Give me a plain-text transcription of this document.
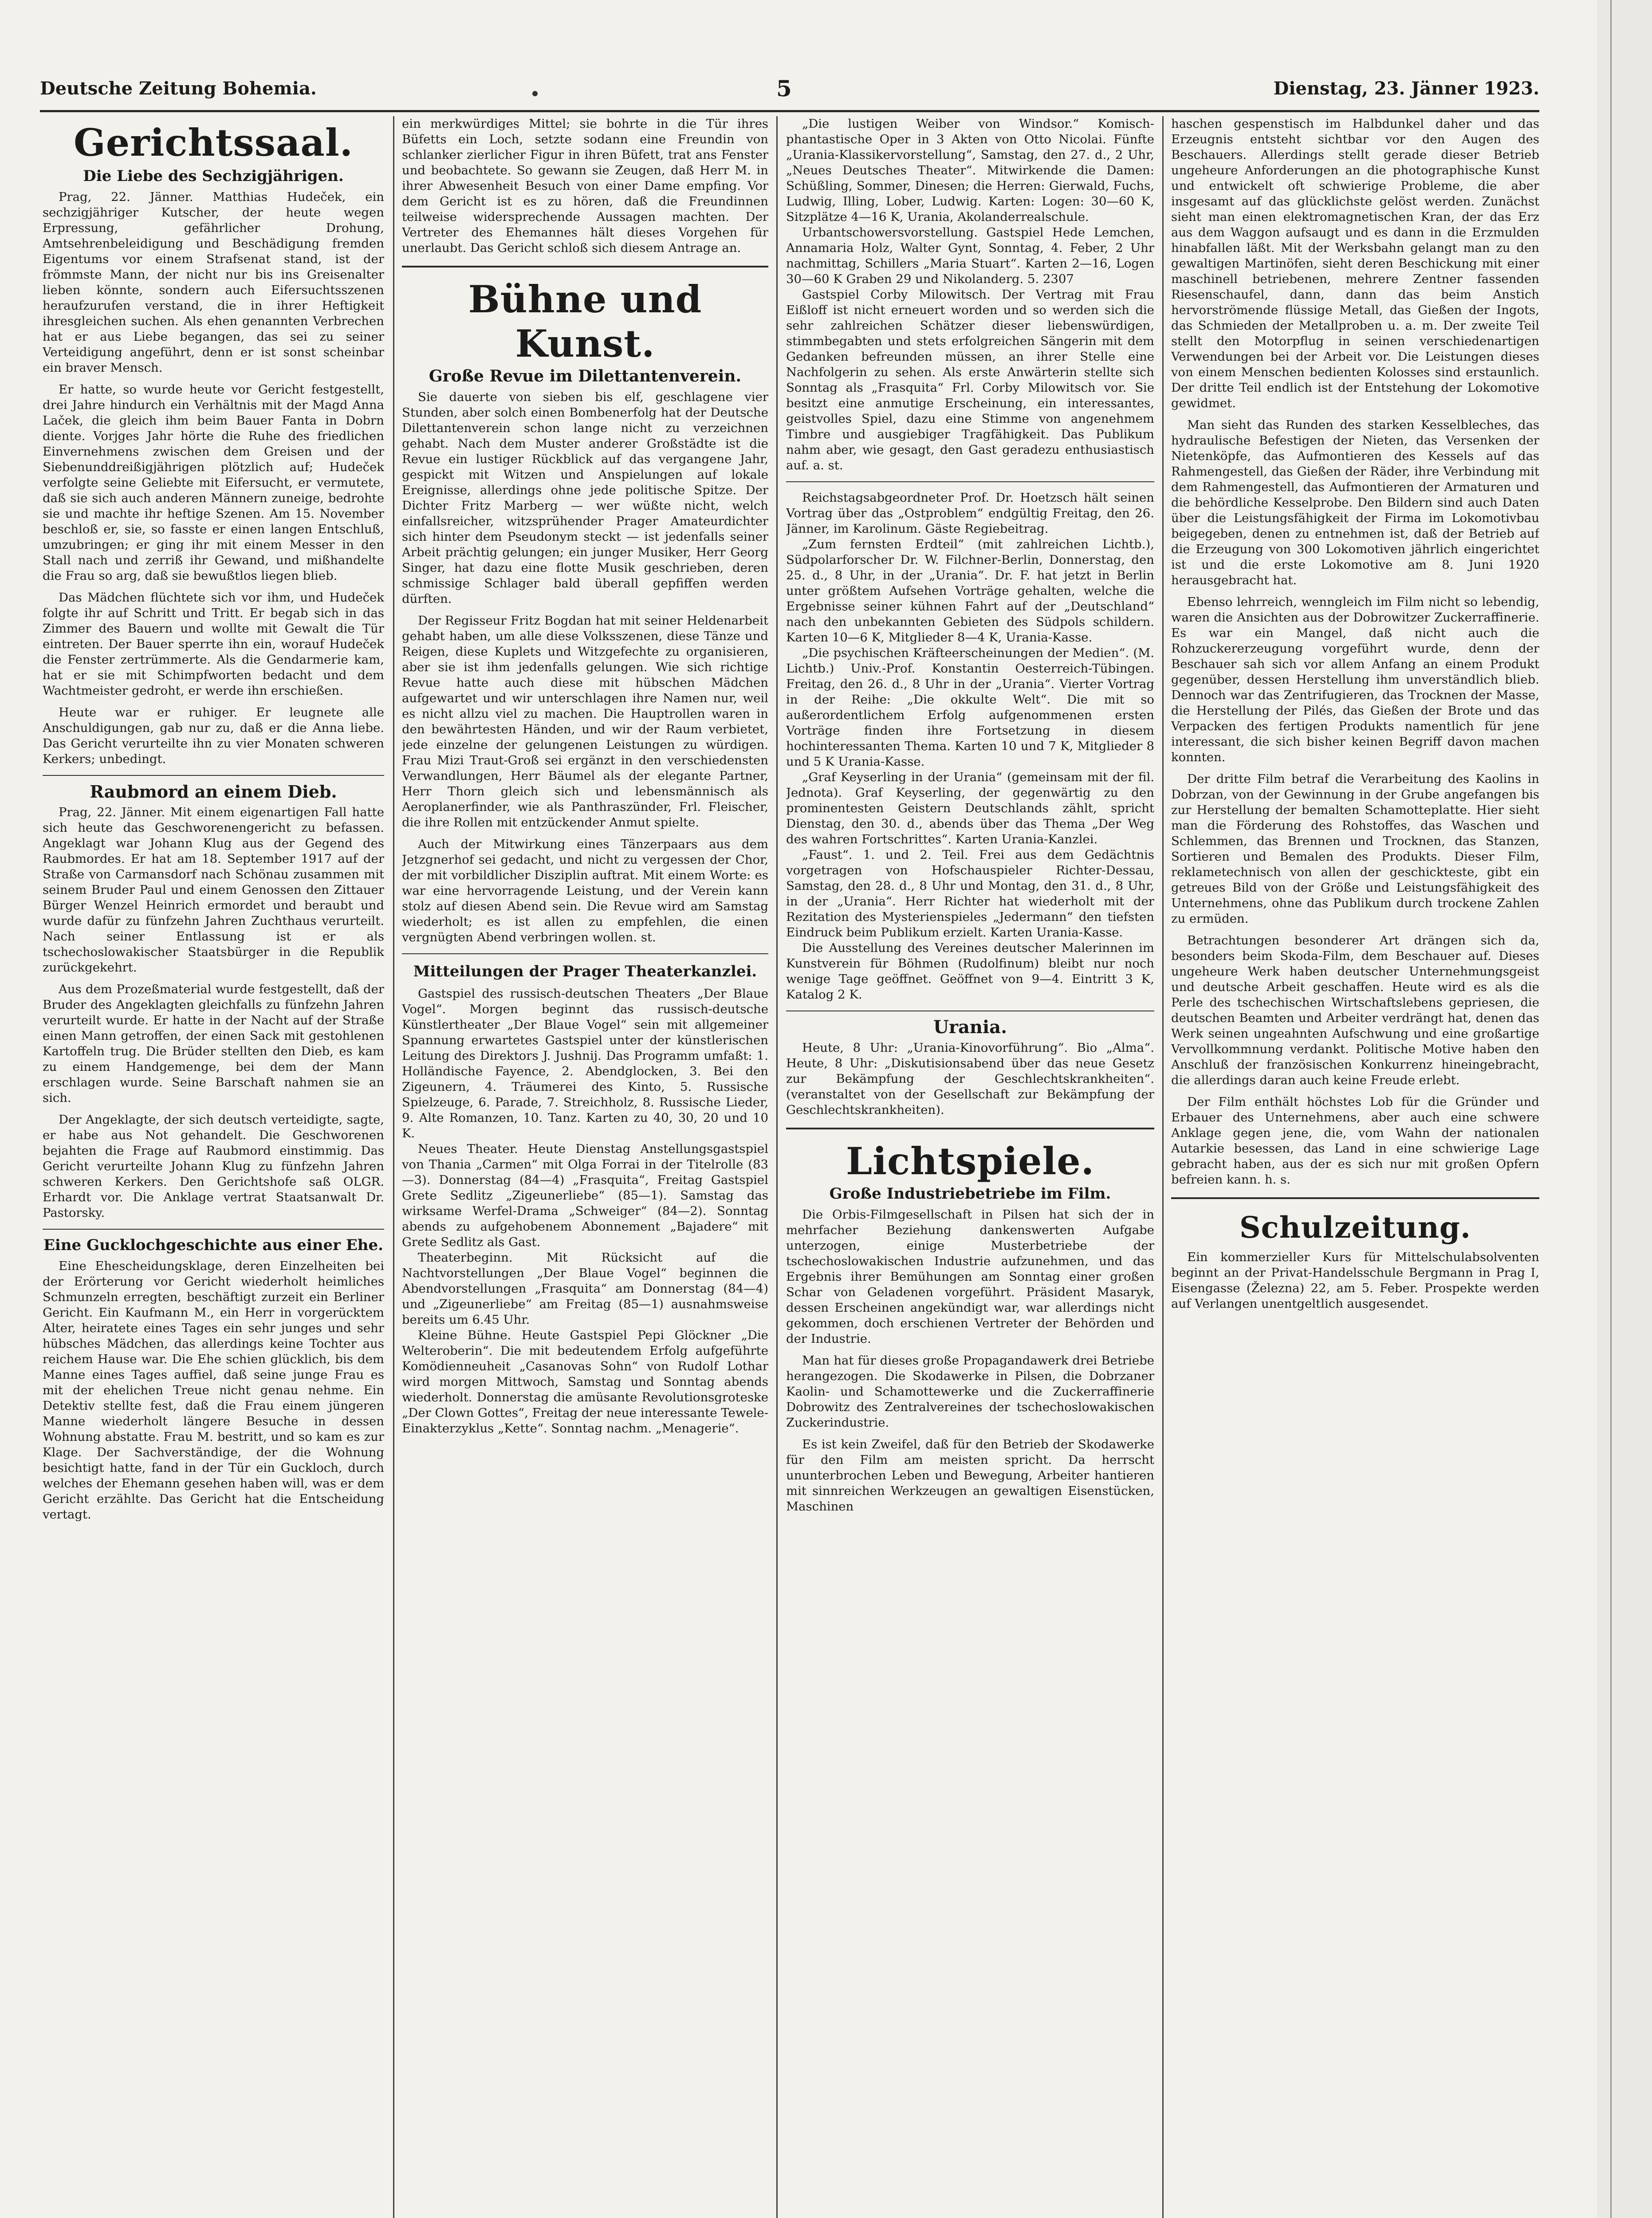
Deutsche Zeitung Bohemia.	5	Dienstag, 23. Jänner 1923.
Gerichtssaal.
Die Liebe des Sechzigjährigen.

Prag, 22. Jänner. Matthias Hudeček, ein sechzigjähriger Kutscher, der heute wegen Erpressung, gefährlicher Drohung, Amtsehrenbeleidigung und Beschädigung fremden Eigentums vor einem Strafsenat stand, ist der frömmste Mann, der nicht nur bis ins Greisenalter lieben könnte, sondern auch Eifersuchtsszenen heraufzurufen verstand, die in ihrer Heftigkeit ihresgleichen suchen. Als ehen genannten Verbrechen hat er aus Liebe begangen, das sei zu seiner Verteidigung angeführt, denn er ist sonst scheinbar ein braver Mensch.

Er hatte, so wurde heute vor Gericht festgestellt, drei Jahre hindurch ein Verhältnis mit der Magd Anna Laček, die gleich ihm beim Bauer Fanta in Dobrn diente. Vorjges Jahr hörte die Ruhe des friedlichen Einvernehmens zwischen dem Greisen und der Siebenunddreißigjährigen plötzlich auf; Hudeček verfolgte seine Geliebte mit Eifersucht, er vermutete, daß sie sich auch anderen Männern zuneige, bedrohte sie und machte ihr heftige Szenen. Am 15. November beschloß er, sie, so fasste er einen langen Entschluß, umzubringen; er ging ihr mit einem Messer in den Stall nach und zerriß ihr Gewand, und mißhandelte die Frau so arg, daß sie bewußtlos liegen blieb.

Das Mädchen flüchtete sich vor ihm, und Hudeček folgte ihr auf Schritt und Tritt. Er begab sich in das Zimmer des Bauern und wollte mit Gewalt die Tür eintreten. Der Bauer sperrte ihn ein, worauf Hudeček die Fenster zertrümmerte. Als die Gendarmerie kam, hat er sie mit Schimpfworten bedacht und dem Wachtmeister gedroht, er werde ihn erschießen.

Heute war er ruhiger. Er leugnete alle Anschuldigungen, gab nur zu, daß er die Anna liebe. Das Gericht verurteilte ihn zu vier Monaten schweren Kerkers; unbedingt.

Raubmord an einem Dieb.

Prag, 22. Jänner. Mit einem eigenartigen Fall hatte sich heute das Geschworenengericht zu befassen. Angeklagt war Johann Klug aus der Gegend des Raubmordes. Er hat am 18. September 1917 auf der Straße von Carmansdorf nach Schönau zusammen mit seinem Bruder Paul und einem Genossen den Zittauer Bürger Wenzel Heinrich ermordet und beraubt und wurde dafür zu fünfzehn Jahren Zuchthaus verurteilt. Nach seiner Entlassung ist er als tschechoslowakischer Staatsbürger in die Republik zurückgekehrt.

Aus dem Prozeßmaterial wurde festgestellt, daß der Bruder des Angeklagten gleichfalls zu fünfzehn Jahren verurteilt wurde. Er hatte in der Nacht auf der Straße einen Mann getroffen, der einen Sack mit gestohlenen Kartoffeln trug. Die Brüder stellten den Dieb, es kam zu einem Handgemenge, bei dem der Mann erschlagen wurde. Seine Barschaft nahmen sie an sich.

Der Angeklagte, der sich deutsch verteidigte, sagte, er habe aus Not gehandelt. Die Geschworenen bejahten die Frage auf Raubmord einstimmig. Das Gericht verurteilte Johann Klug zu fünfzehn Jahren schweren Kerkers. Den Gerichtshofe saß OLGR. Erhardt vor. Die Anklage vertrat Staatsanwalt Dr. Pastorsky.

Eine Gucklochgeschichte aus einer Ehe.

Eine Ehescheidungsklage, deren Einzelheiten bei der Erörterung vor Gericht wiederholt heimliches Schmunzeln erregten, beschäftigt zurzeit ein Berliner Gericht. Ein Kaufmann M., ein Herr in vorgerücktem Alter, heiratete eines Tages ein sehr junges und sehr hübsches Mädchen, das allerdings keine Tochter aus reichem Hause war. Die Ehe schien glücklich, bis dem Manne eines Tages auffiel, daß seine junge Frau es mit der ehelichen Treue nicht genau nehme. Ein Detektiv stellte fest, daß die Frau einem jüngeren Manne wiederholt längere Besuche in dessen Wohnung abstatte. Frau M. bestritt, und so kam es zur Klage. Der Sachverständige, der die Wohnung besichtigt hatte, fand in der Tür ein Guckloch, durch welches der Ehemann gesehen haben will, was er dem Gericht erzählte. Das Gericht hat die Entscheidung vertagt.

ein merkwürdiges Mittel; sie bohrte in die Tür ihres Büfetts ein Loch, setzte sodann eine Freundin von schlanker zierlicher Figur in ihren Büfett, trat ans Fenster und beobachtete. So gewann sie Zeugen, daß Herr M. in ihrer Abwesenheit Besuch von einer Dame empfing. Vor dem Gericht ist es zu hören, daß die Freundinnen teilweise widersprechende Aussagen machten. Der Vertreter des Ehemannes hält dieses Vorgehen für unerlaubt. Das Gericht schloß sich diesem Antrage an.

Bühne und Kunst.
Große Revue im Dilettantenverein.

Sie dauerte von sieben bis elf, geschlagene vier Stunden, aber solch einen Bombenerfolg hat der Deutsche Dilettantenverein schon lange nicht zu verzeichnen gehabt. Nach dem Muster anderer Großstädte ist die Revue ein lustiger Rückblick auf das vergangene Jahr, gespickt mit Witzen und Anspielungen auf lokale Ereignisse, allerdings ohne jede politische Spitze. Der Dichter Fritz Marberg — wer wüßte nicht, welch einfallsreicher, witzsprühender Prager Amateurdichter sich hinter dem Pseudonym steckt — ist jedenfalls seiner Arbeit prächtig gelungen; ein junger Musiker, Herr Georg Singer, hat dazu eine flotte Musik geschrieben, deren schmissige Schlager bald überall gepfiffen werden dürften.

Der Regisseur Fritz Bogdan hat mit seiner Heldenarbeit gehabt haben, um alle diese Volksszenen, diese Tänze und Reigen, diese Kuplets und Witzgefechte zu organisieren, aber sie ist ihm jedenfalls gelungen. Wie sich richtige Revue hatte auch diese mit hübschen Mädchen aufgewartet und wir unterschlagen ihre Namen nur, weil es nicht allzu viel zu machen. Die Hauptrollen waren in den bewährtesten Händen, und wir der Raum verbietet, jede einzelne der gelungenen Leistungen zu würdigen. Frau Mizi Traut-Groß sei ergänzt in den verschiedensten Verwandlungen, Herr Bäumel als der elegante Partner, Herr Thorn gleich sich und lebensmännisch als Aeroplanerfinder, wie als Panthraszünder, Frl. Fleischer, die ihre Rollen mit entzückender Anmut spielte.

Auch der Mitwirkung eines Tänzerpaars aus dem Jetzgnerhof sei gedacht, und nicht zu vergessen der Chor, der mit vorbildlicher Disziplin auftrat. Mit einem Worte: es war eine hervorragende Leistung, und der Verein kann stolz auf diesen Abend sein. Die Revue wird am Samstag wiederholt; es ist allen zu empfehlen, die einen vergnügten Abend verbringen wollen. st.

Mitteilungen der Prager Theaterkanzlei.

Gastspiel des russisch-deutschen Theaters „Der Blaue Vogel“. Morgen beginnt das russisch-deutsche Künstlertheater „Der Blaue Vogel“ sein mit allgemeiner Spannung erwartetes Gastspiel unter der künstlerischen Leitung des Direktors J. Jushnij. Das Programm umfaßt: 1. Holländische Fayence, 2. Abendglocken, 3. Bei den Zigeunern, 4. Träumerei des Kinto, 5. Russische Spielzeuge, 6. Parade, 7. Streichholz, 8. Russische Lieder, 9. Alte Romanzen, 10. Tanz. Karten zu 40, 30, 20 und 10 K.

Neues Theater. Heute Dienstag Anstellungsgastspiel von Thania „Carmen“ mit Olga Forrai in der Titelrolle (83—3). Donnerstag (84—4) „Frasquita“, Freitag Gastspiel Grete Sedlitz „Zigeunerliebe“ (85—1). Samstag das wirksame Werfel-Drama „Schweiger“ (84—2). Sonntag abends zu aufgehobenem Abonnement „Bajadere“ mit Grete Sedlitz als Gast.

Theaterbeginn. Mit Rücksicht auf die Nachtvorstellungen „Der Blaue Vogel“ beginnen die Abendvorstellungen „Frasquita“ am Donnerstag (84—4) und „Zigeunerliebe“ am Freitag (85—1) ausnahmsweise bereits um 6.45 Uhr.

Kleine Bühne. Heute Gastspiel Pepi Glöckner „Die Welteroberin“. Die mit bedeutendem Erfolg aufgeführte Komödienneuheit „Casanovas Sohn“ von Rudolf Lothar wird morgen Mittwoch, Samstag und Sonntag abends wiederholt. Donnerstag die amüsante Revolutionsgroteske „Der Clown Gottes“, Freitag der neue interessante Tewele-Einakterzyklus „Kette“. Sonntag nachm. „Menagerie“.

„Die lustigen Weiber von Windsor.“ Komisch-phantastische Oper in 3 Akten von Otto Nicolai. Fünfte „Urania-Klassikervorstellung“, Samstag, den 27. d., 2 Uhr, „Neues Deutsches Theater“. Mitwirkende die Damen: Schüßling, Sommer, Dinesen; die Herren: Gierwald, Fuchs, Ludwig, Illing, Lober, Ludwig. Karten: Logen: 30—60 K, Sitzplätze 4—16 K, Urania, Akolanderrealschule.

Urbantschowersvorstellung. Gastspiel Hede Lemchen, Annamaria Holz, Walter Gynt, Sonntag, 4. Feber, 2 Uhr nachmittag, Schillers „Maria Stuart“. Karten 2—16, Logen 30—60 K Graben 29 und Nikolanderg. 5. 2307

Gastspiel Corby Milowitsch. Der Vertrag mit Frau Eißloff ist nicht erneuert worden und so werden sich die sehr zahlreichen Schätzer dieser liebenswürdigen, stimmbegabten und stets erfolgreichen Sängerin mit dem Gedanken befreunden müssen, an ihrer Stelle eine Nachfolgerin zu sehen. Als erste Anwärterin stellte sich Sonntag als „Frasquita“ Frl. Corby Milowitsch vor. Sie besitzt eine anmutige Erscheinung, ein interessantes, geistvolles Spiel, dazu eine Stimme von angenehmem Timbre und ausgiebiger Tragfähigkeit. Das Publikum nahm aber, wie gesagt, den Gast geradezu enthusiastisch auf. a. st.

Reichstagsabgeordneter Prof. Dr. Hoetzsch hält seinen Vortrag über das „Ostproblem“ endgültig Freitag, den 26. Jänner, im Karolinum. Gäste Regiebeitrag.

„Zum fernsten Erdteil“ (mit zahlreichen Lichtb.), Südpolarforscher Dr. W. Filchner-Berlin, Donnerstag, den 25. d., 8 Uhr, in der „Urania“. Dr. F. hat jetzt in Berlin unter größtem Aufsehen Vorträge gehalten, welche die Ergebnisse seiner kühnen Fahrt auf der „Deutschland“ nach den unbekannten Gebieten des Südpols schildern. Karten 10—6 K, Mitglieder 8—4 K, Urania-Kasse.

„Die psychischen Kräfteerscheinungen der Medien“. (M. Lichtb.) Univ.-Prof. Konstantin Oesterreich-Tübingen. Freitag, den 26. d., 8 Uhr in der „Urania“. Vierter Vortrag in der Reihe: „Die okkulte Welt“. Die mit so außerordentlichem Erfolg aufgenommenen ersten Vorträge finden ihre Fortsetzung in diesem hochinteressanten Thema. Karten 10 und 7 K, Mitglieder 8 und 5 K Urania-Kasse.

„Graf Keyserling in der Urania“ (gemeinsam mit der fil. Jednota). Graf Keyserling, der gegenwärtig zu den prominentesten Geistern Deutschlands zählt, spricht Dienstag, den 30. d., abends über das Thema „Der Weg des wahren Fortschrittes“. Karten Urania-Kanzlei.

„Faust“. 1. und 2. Teil. Frei aus dem Gedächtnis vorgetragen von Hofschauspieler Richter-Dessau, Samstag, den 28. d., 8 Uhr und Montag, den 31. d., 8 Uhr, in der „Urania“. Herr Richter hat wiederholt mit der Rezitation des Mysterienspieles „Jedermann“ den tiefsten Eindruck beim Publikum erzielt. Karten Urania-Kasse.

Die Ausstellung des Vereines deutscher Malerinnen im Kunstverein für Böhmen (Rudolfinum) bleibt nur noch wenige Tage geöffnet. Geöffnet von 9—4. Eintritt 3 K, Katalog 2 K.

Urania.

Heute, 8 Uhr: „Urania-Kinovorführung“. Bio „Alma“. Heute, 8 Uhr: „Diskutisionsabend über das neue Gesetz zur Bekämpfung der Geschlechtskrankheiten“. (veranstaltet von der Gesellschaft zur Bekämpfung der Geschlechtskrankheiten).

Lichtspiele.
Große Industriebetriebe im Film.

Die Orbis-Filmgesellschaft in Pilsen hat sich der in mehrfacher Beziehung dankenswerten Aufgabe unterzogen, einige Musterbetriebe der tschechoslowakischen Industrie aufzunehmen, und das Ergebnis ihrer Bemühungen am Sonntag einer großen Schar von Geladenen vorgeführt. Präsident Masaryk, dessen Erscheinen angekündigt war, war allerdings nicht gekommen, doch erschienen Vertreter der Behörden und der Industrie.

Man hat für dieses große Propagandawerk drei Betriebe herangezogen. Die Skodawerke in Pilsen, die Dobrzaner Kaolin- und Schamottewerke und die Zuckerraffinerie Dobrowitz des Zentralvereines der tschechoslowakischen Zuckerindustrie.

Es ist kein Zweifel, daß für den Betrieb der Skodawerke für den Film am meisten spricht. Da herrscht ununterbrochen Leben und Bewegung, Arbeiter hantieren mit sinnreichen Werkzeugen an gewaltigen Eisenstücken, Maschinen

haschen gespenstisch im Halbdunkel daher und das Erzeugnis entsteht sichtbar vor den Augen des Beschauers. Allerdings stellt gerade dieser Betrieb ungeheure Anforderungen an die photographische Kunst und entwickelt oft schwierige Probleme, die aber insgesamt auf das glücklichste gelöst werden. Zunächst sieht man einen elektromagnetischen Kran, der das Erz aus dem Waggon aufsaugt und es dann in die Erzmulden hinabfallen läßt. Mit der Werksbahn gelangt man zu den gewaltigen Martinöfen, sieht deren Beschickung mit einer maschinell betriebenen, mehrere Zentner fassenden Riesenschaufel, dann, dann das beim Anstich hervorströmende flüssige Metall, das Gießen der Ingots, das Schmieden der Metallproben u. a. m. Der zweite Teil stellt den Motorpflug in seinen verschiedenartigen Verwendungen bei der Arbeit vor. Die Leistungen dieses von einem Menschen bedienten Kolosses sind erstaunlich. Der dritte Teil endlich ist der Entstehung der Lokomotive gewidmet.

Man sieht das Runden des starken Kesselbleches, das hydraulische Befestigen der Nieten, das Versenken der Nietenköpfe, das Aufmontieren des Kessels auf das Rahmengestell, das Gießen der Räder, ihre Verbindung mit dem Rahmengestell, das Aufmontieren der Armaturen und die behördliche Kesselprobe. Den Bildern sind auch Daten über die Leistungsfähigkeit der Firma im Lokomotivbau beigegeben, denen zu entnehmen ist, daß der Betrieb auf die Erzeugung von 300 Lokomotiven jährlich eingerichtet ist und die erste Lokomotive am 8. Juni 1920 herausgebracht hat.

Ebenso lehrreich, wenngleich im Film nicht so lebendig, waren die Ansichten aus der Dobrowitzer Zuckerraffinerie. Es war ein Mangel, daß nicht auch die Rohzuckererzeugung vorgeführt wurde, denn der Beschauer sah sich vor allem Anfang an einem Produkt gegenüber, dessen Herstellung ihm unverständlich blieb. Dennoch war das Zentrifugieren, das Trocknen der Masse, die Herstellung der Pilés, das Gießen der Brote und das Verpacken des fertigen Produkts namentlich für jene interessant, die sich bisher keinen Begriff davon machen konnten.

Der dritte Film betraf die Verarbeitung des Kaolins in Dobrzan, von der Gewinnung in der Grube angefangen bis zur Herstellung der bemalten Schamotteplatte. Hier sieht man die Förderung des Rohstoffes, das Waschen und Schlemmen, das Brennen und Trocknen, das Stanzen, Sortieren und Bemalen des Produkts. Dieser Film, reklametechnisch von allen der geschickteste, gibt ein getreues Bild von der Größe und Leistungsfähigkeit des Unternehmens, ohne das Publikum durch trockene Zahlen zu ermüden.

Betrachtungen besonderer Art drängen sich da, besonders beim Skoda-Film, dem Beschauer auf. Dieses ungeheure Werk haben deutscher Unternehmungsgeist und deutsche Arbeit geschaffen. Heute wird es als die Perle des tschechischen Wirtschaftslebens gepriesen, die deutschen Beamten und Arbeiter verdrängt hat, denen das Werk seinen ungeahnten Aufschwung und eine großartige Vervollkommnung verdankt. Politische Motive haben den Anschluß der französischen Konkurrenz hineingebracht, die allerdings daran auch keine Freude erlebt.

Der Film enthält höchstes Lob für die Gründer und Erbauer des Unternehmens, aber auch eine schwere Anklage gegen jene, die, vom Wahn der nationalen Autarkie besessen, das Land in eine schwierige Lage gebracht haben, aus der es sich nur mit großen Opfern befreien kann. h. s.

Schulzeitung.

Ein kommerzieller Kurs für Mittelschulabsolventen beginnt an der Privat-Handelsschule Bergmann in Prag I, Eisengasse (Železna) 22, am 5. Feber. Prospekte werden auf Verlangen unentgeltlich ausgesendet.
